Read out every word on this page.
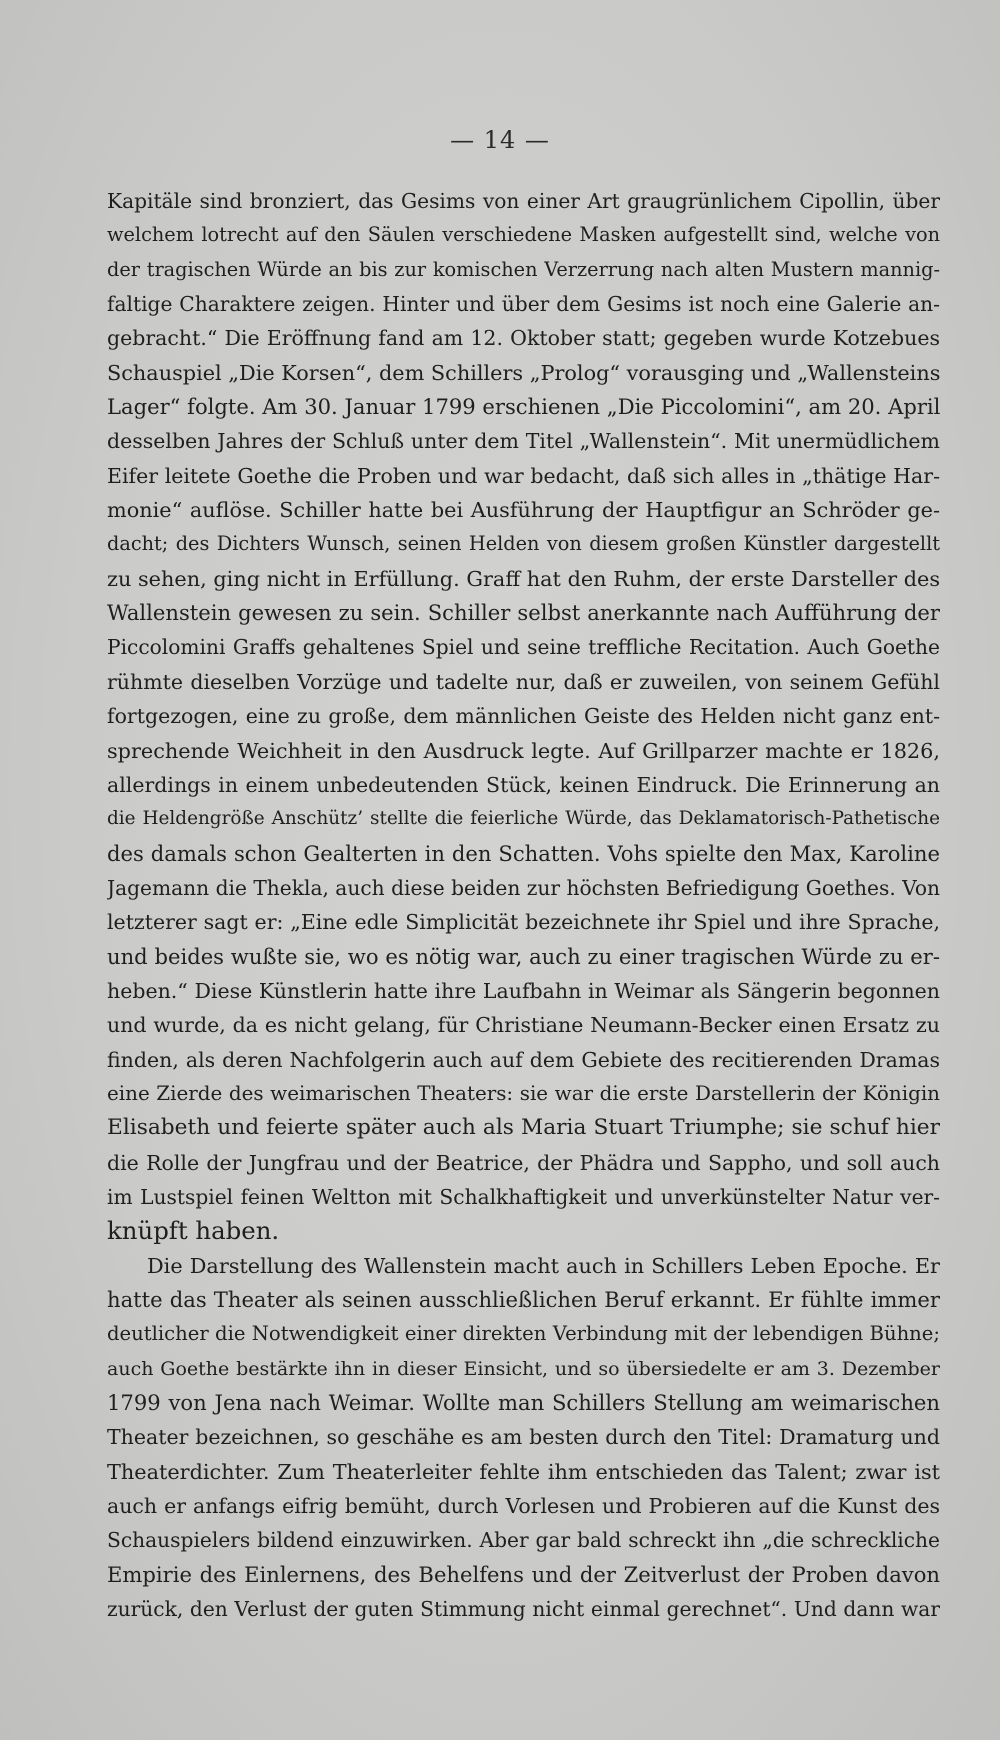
— 14 —
Kapitäle sind bronziert, das Gesims von einer Art graugrünlichem Cipollin, über
welchem lotrecht auf den Säulen verschiedene Masken aufgestellt sind, welche von
der tragischen Würde an bis zur komischen Verzerrung nach alten Mustern mannig-
faltige Charaktere zeigen. Hinter und über dem Gesims ist noch eine Galerie an-
gebracht.“ Die Eröffnung fand am 12. Oktober statt; gegeben wurde Kotzebues
Schauspiel „Die Korsen“, dem Schillers „Prolog“ vorausging und „Wallensteins
Lager“ folgte. Am 30. Januar 1799 erschienen „Die Piccolomini“, am 20. April
desselben Jahres der Schluß unter dem Titel „Wallenstein“. Mit unermüdlichem
Eifer leitete Goethe die Proben und war bedacht, daß sich alles in „thätige Har-
monie“ auflöse. Schiller hatte bei Ausführung der Hauptfigur an Schröder ge-
dacht; des Dichters Wunsch, seinen Helden von diesem großen Künstler dargestellt
zu sehen, ging nicht in Erfüllung. Graff hat den Ruhm, der erste Darsteller des
Wallenstein gewesen zu sein. Schiller selbst anerkannte nach Aufführung der
Piccolomini Graffs gehaltenes Spiel und seine treffliche Recitation. Auch Goethe
rühmte dieselben Vorzüge und tadelte nur, daß er zuweilen, von seinem Gefühl
fortgezogen, eine zu große, dem männlichen Geiste des Helden nicht ganz ent-
sprechende Weichheit in den Ausdruck legte. Auf Grillparzer machte er 1826,
allerdings in einem unbedeutenden Stück, keinen Eindruck. Die Erinnerung an
die Heldengröße Anschütz’ stellte die feierliche Würde, das Deklamatorisch-Pathetische
des damals schon Gealterten in den Schatten. Vohs spielte den Max, Karoline
Jagemann die Thekla, auch diese beiden zur höchsten Befriedigung Goethes. Von
letzterer sagt er: „Eine edle Simplicität bezeichnete ihr Spiel und ihre Sprache,
und beides wußte sie, wo es nötig war, auch zu einer tragischen Würde zu er-
heben.“ Diese Künstlerin hatte ihre Laufbahn in Weimar als Sängerin begonnen
und wurde, da es nicht gelang, für Christiane Neumann-Becker einen Ersatz zu
finden, als deren Nachfolgerin auch auf dem Gebiete des recitierenden Dramas
eine Zierde des weimarischen Theaters: sie war die erste Darstellerin der Königin
Elisabeth und feierte später auch als Maria Stuart Triumphe; sie schuf hier
die Rolle der Jungfrau und der Beatrice, der Phädra und Sappho, und soll auch
im Lustspiel feinen Weltton mit Schalkhaftigkeit und unverkünstelter Natur ver-
knüpft haben.
Die Darstellung des Wallenstein macht auch in Schillers Leben Epoche. Er
hatte das Theater als seinen ausschließlichen Beruf erkannt. Er fühlte immer
deutlicher die Notwendigkeit einer direkten Verbindung mit der lebendigen Bühne;
auch Goethe bestärkte ihn in dieser Einsicht, und so übersiedelte er am 3. Dezember
1799 von Jena nach Weimar. Wollte man Schillers Stellung am weimarischen
Theater bezeichnen, so geschähe es am besten durch den Titel: Dramaturg und
Theaterdichter. Zum Theaterleiter fehlte ihm entschieden das Talent; zwar ist
auch er anfangs eifrig bemüht, durch Vorlesen und Probieren auf die Kunst des
Schauspielers bildend einzuwirken. Aber gar bald schreckt ihn „die schreckliche
Empirie des Einlernens, des Behelfens und der Zeitverlust der Proben davon
zurück, den Verlust der guten Stimmung nicht einmal gerechnet“. Und dann war
